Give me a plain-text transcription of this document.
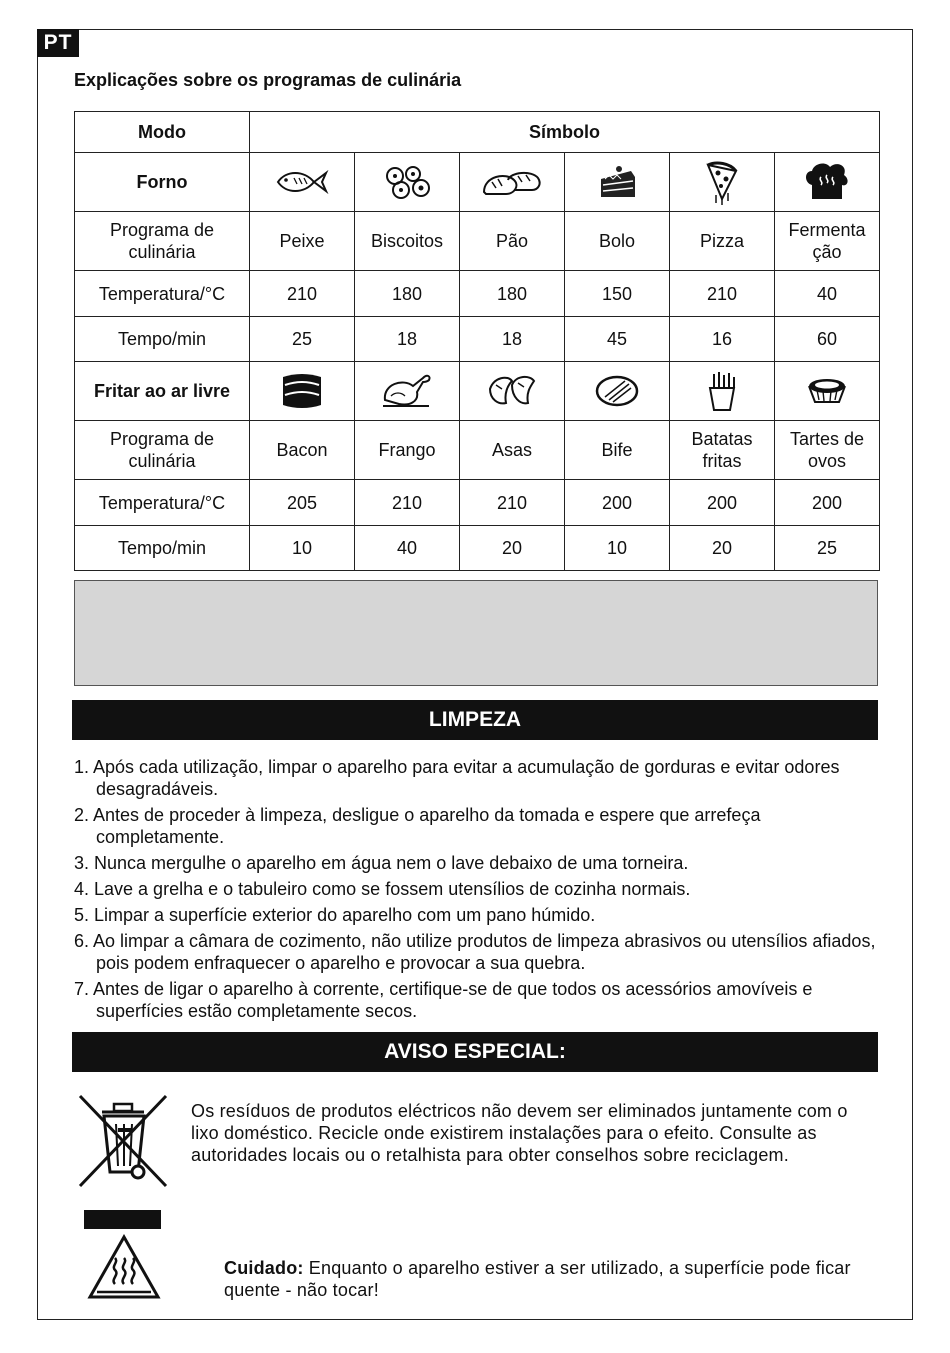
PT
Explicações sobre os programas de culinária
Modo	Símbolo					
Forno	

Programa de culinária	Peixe	Biscoitos	Pão	Bolo	Pizza	Fermenta ção
Temperatura/°C	210	180	180	150	210	40
Tempo/min	25	18	18	45	16	60
Fritar ao ar livre	

Programa de culinária	Bacon	Frango	Asas	Bife	Batatas fritas	Tartes de ovos
Temperatura/°C	205	210	210	200	200	200
Tempo/min	10	40	20	10	20	25
LIMPEZA
1. Após cada utilização, limpar o aparelho para evitar a acumulação de gorduras e evitar odores desagradáveis.
2. Antes de proceder à limpeza, desligue o aparelho da tomada e espere que arrefeça completamente.
3. Nunca mergulhe o aparelho em água nem o lave debaixo de uma torneira.
4. Lave a grelha e o tabuleiro como se fossem utensílios de cozinha normais.
5. Limpar a superfície exterior do aparelho com um pano húmido.
6. Ao limpar a câmara de cozimento, não utilize produtos de limpeza abrasivos ou utensílios afiados, pois podem enfraquecer o aparelho e provocar a sua quebra.
7. Antes de ligar o aparelho à corrente, certifique-se de que todos os acessórios amovíveis e superfícies estão completamente secos.
AVISO ESPECIAL:
Os resíduos de produtos eléctricos não devem ser eliminados juntamente com o lixo doméstico. Recicle onde existirem instalações para o efeito. Consulte as autoridades locais ou o retalhista para obter conselhos sobre reciclagem.
Cuidado: Enquanto o aparelho estiver a ser utilizado, a superfície pode ficar quente - não tocar!
